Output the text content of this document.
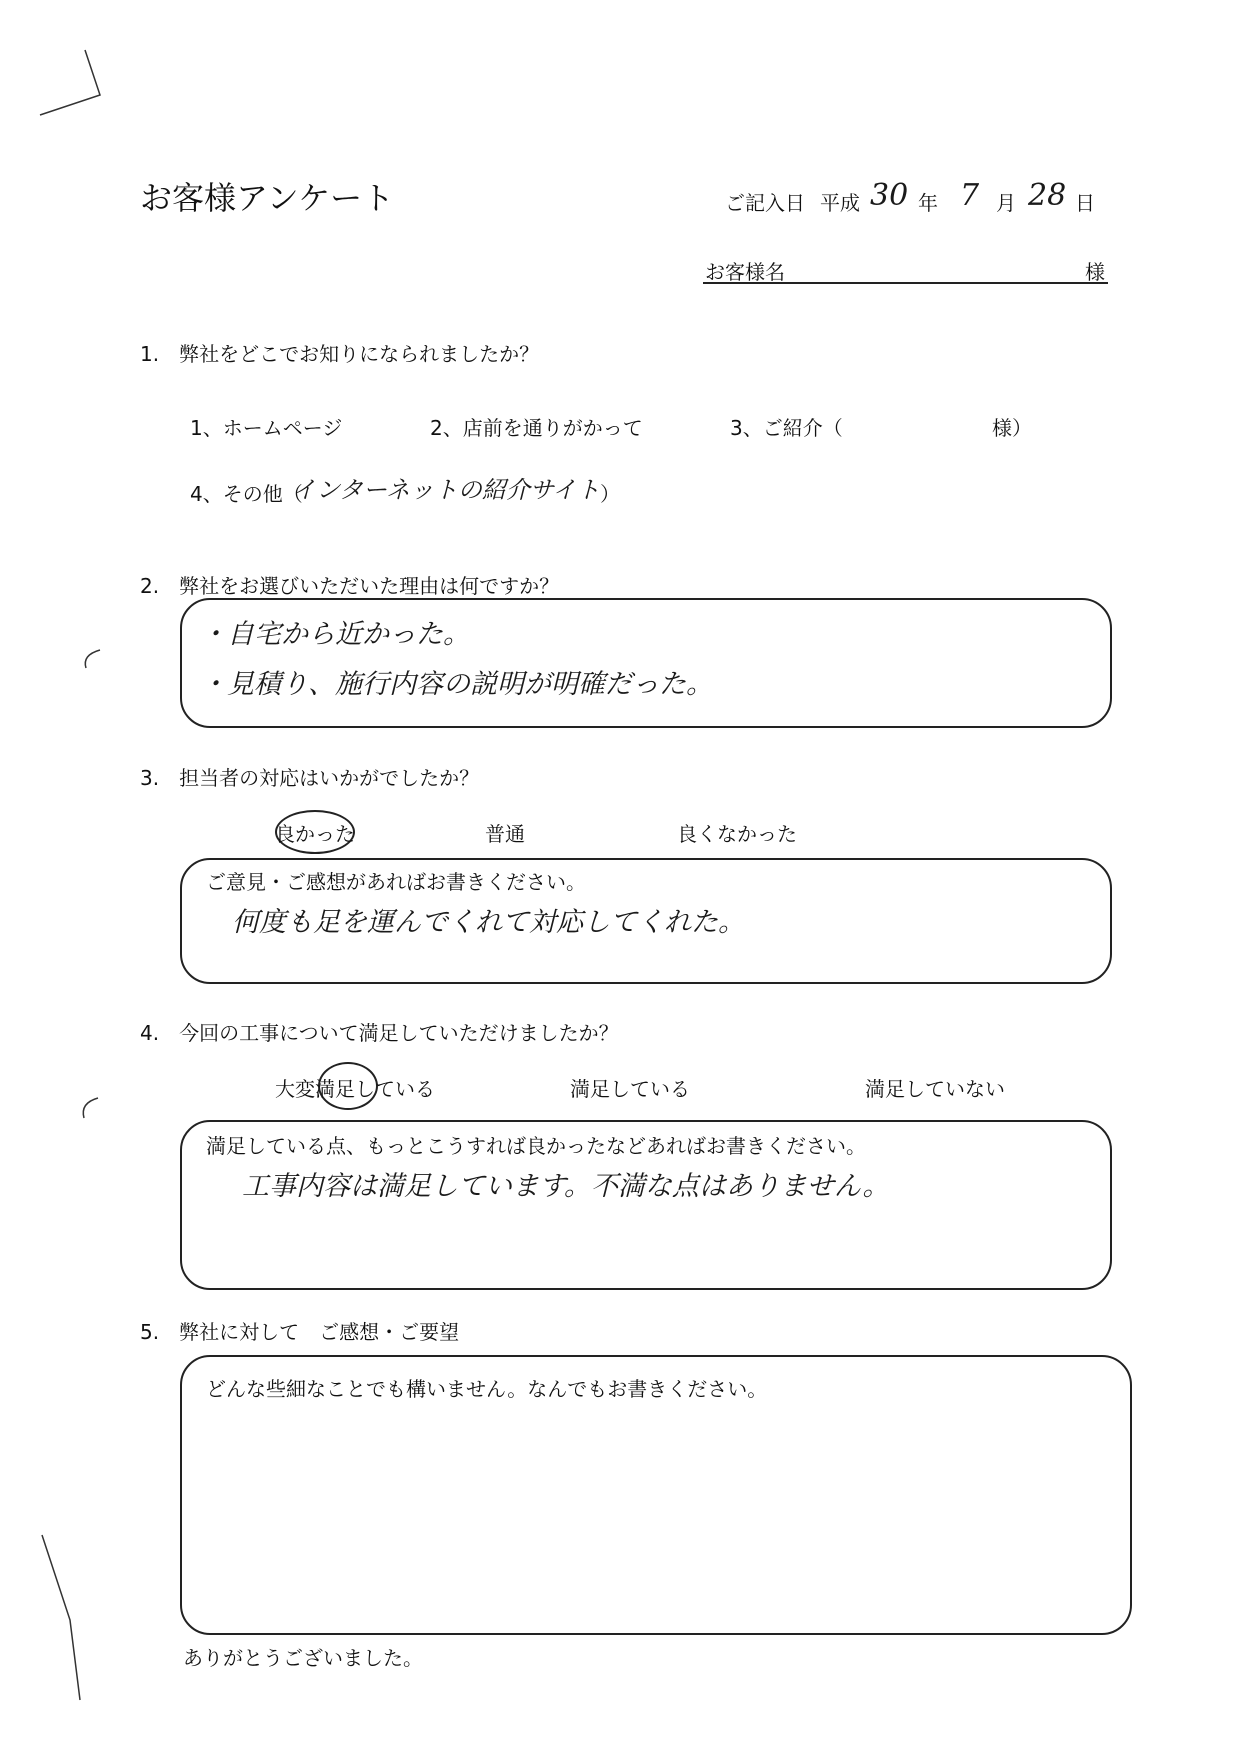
お客様アンケート	ご記入日 平成 30 年 7 月 28 日
お客様名	様
1.　弊社をどこでお知りになられましたか？
1、ホームページ	2、店前を通りがかって	3、ご紹介（	様）
4、その他（
インターネットの紹介サイト ）
2.　弊社をお選びいただいた理由は何ですか？
・自宅から近かった。
・見積り、施行内容の説明が明確だった。
3.　担当者の対応はいかがでしたか？
良かった	普通	良くなかった
ご意見・ご感想があればお書きください。
何度も足を運んでくれて対応してくれた。
4.　今回の工事について満足していただけましたか？
大変満足している	満足している	満足していない
満足している点、もっとこうすれば良かったなどあればお書きください。
工事内容は満足しています。不満な点はありません。
5.　弊社に対して　ご感想・ご要望
どんな些細なことでも構いません。なんでもお書きください。
ありがとうございました。
